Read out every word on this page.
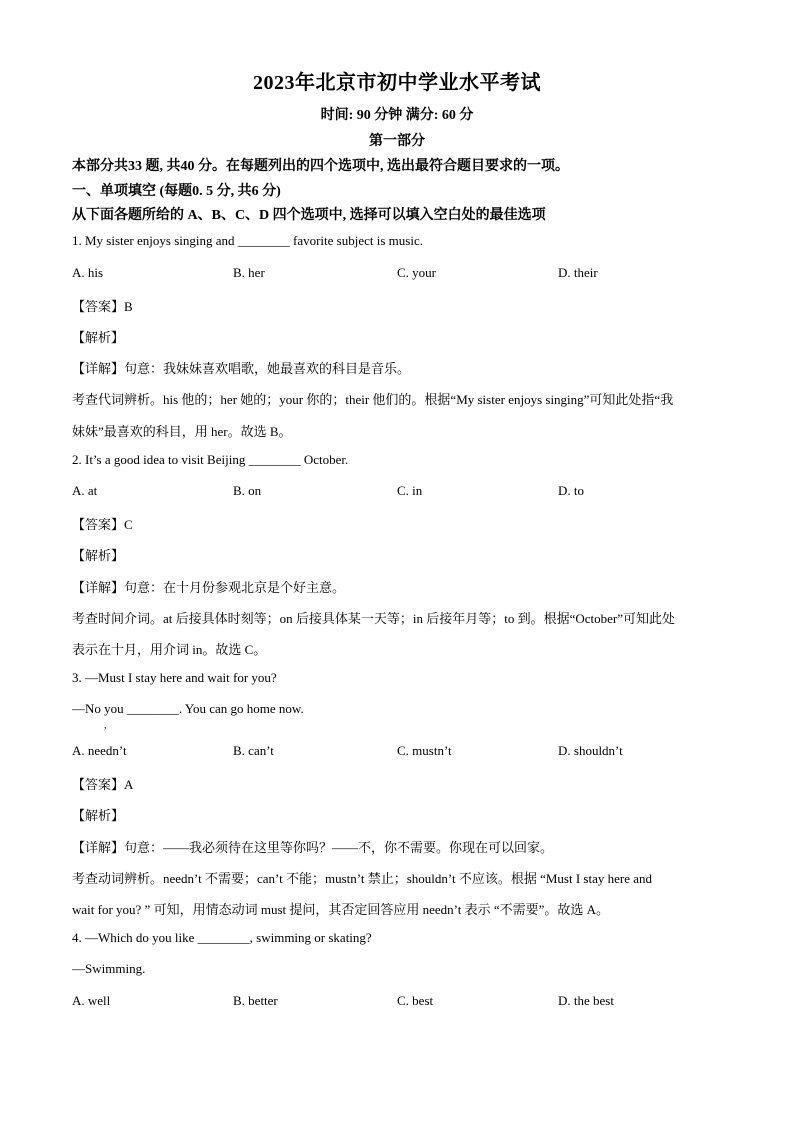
2023年北京市初中学业水平考试
时间: 90 分钟 满分: 60 分
第一部分
本部分共33 题, 共40 分。在每题列出的四个选项中, 选出最符合题目要求的一项。
一、单项填空 (每题0. 5 分, 共6 分)
从下面各题所给的 A、B、C、D 四个选项中, 选择可以填入空白处的最佳选项
1. My sister enjoys singing and ________ favorite subject is music.
A. his	B. her	C. your	D. their
【答案】B
【解析】
【详解】句意：我妹妹喜欢唱歌，她最喜欢的科目是音乐。
考查代词辨析。his 他的；her 她的；your 你的；their 他们的。根据“My sister enjoys singing”可知此处指“我
妹妹”最喜欢的科目，用 her。故选 B。
2. It’s a good idea to visit Beijing ________ October.
A. at	B. on	C. in	D. to
【答案】C
【解析】
【详解】句意：在十月份参观北京是个好主意。
考查时间介词。at 后接具体时刻等；on 后接具体某一天等；in 后接年月等；to 到。根据“October”可知此处
表示在十月，用介词 in。故选 C。
3. —Must I stay here and wait for you?
—No you ________. You can go home now.
,
A. needn’t	B. can’t	C. mustn’t	D. shouldn’t
【答案】A
【解析】
【详解】句意：——我必须待在这里等你吗？——不，你不需要。你现在可以回家。
考查动词辨析。needn’t 不需要；can’t 不能；mustn’t 禁止；shouldn’t 不应该。根据 “Must I stay here and
wait for you? ” 可知，用情态动词 must 提问，其否定回答应用 needn’t 表示 “不需要”。故选 A。
4. —Which do you like ________, swimming or skating?
—Swimming.
A. well	B. better	C. best	D. the best
